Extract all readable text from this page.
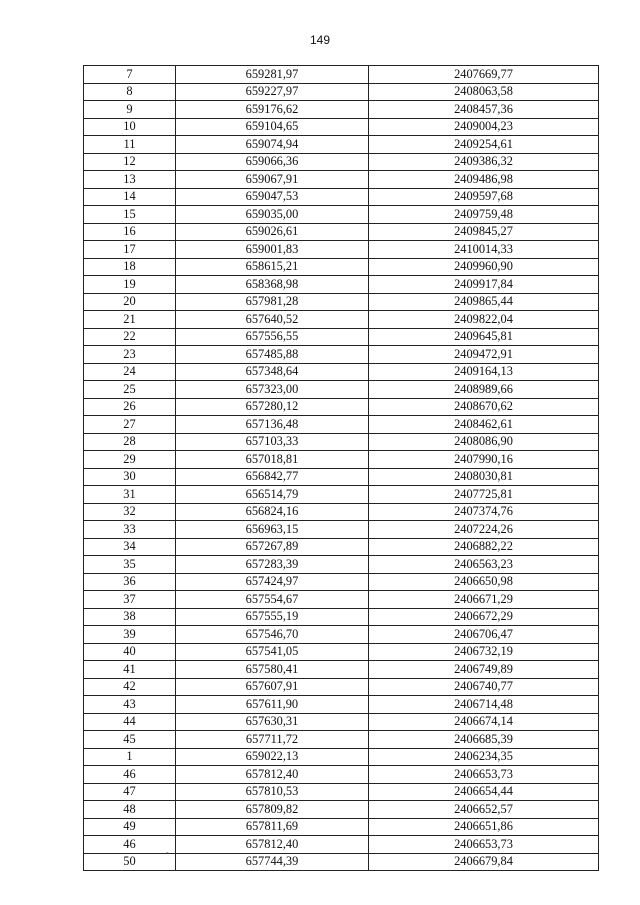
149
7	659281,97	2407669,77
8	659227,97	2408063,58
9	659176,62	2408457,36
10	659104,65	2409004,23
11	659074,94	2409254,61
12	659066,36	2409386,32
13	659067,91	2409486,98
14	659047,53	2409597,68
15	659035,00	2409759,48
16	659026,61	2409845,27
17	659001,83	2410014,33
18	658615,21	2409960,90
19	658368,98	2409917,84
20	657981,28	2409865,44
21	657640,52	2409822,04
22	657556,55	2409645,81
23	657485,88	2409472,91
24	657348,64	2409164,13
25	657323,00	2408989,66
26	657280,12	2408670,62
27	657136,48	2408462,61
28	657103,33	2408086,90
29	657018,81	2407990,16
30	656842,77	2408030,81
31	656514,79	2407725,81
32	656824,16	2407374,76
33	656963,15	2407224,26
34	657267,89	2406882,22
35	657283,39	2406563,23
36	657424,97	2406650,98
37	657554,67	2406671,29
38	657555,19	2406672,29
39	657546,70	2406706,47
40	657541,05	2406732,19
41	657580,41	2406749,89
42	657607,91	2406740,77
43	657611,90	2406714,48
44	657630,31	2406674,14
45	657711,72	2406685,39
1	659022,13	2406234,35
46	657812,40	2406653,73
47	657810,53	2406654,44
48	657809,82	2406652,57
49	657811,69	2406651,86
46	657812,40	2406653,73
50	657744,39	2406679,84
-
